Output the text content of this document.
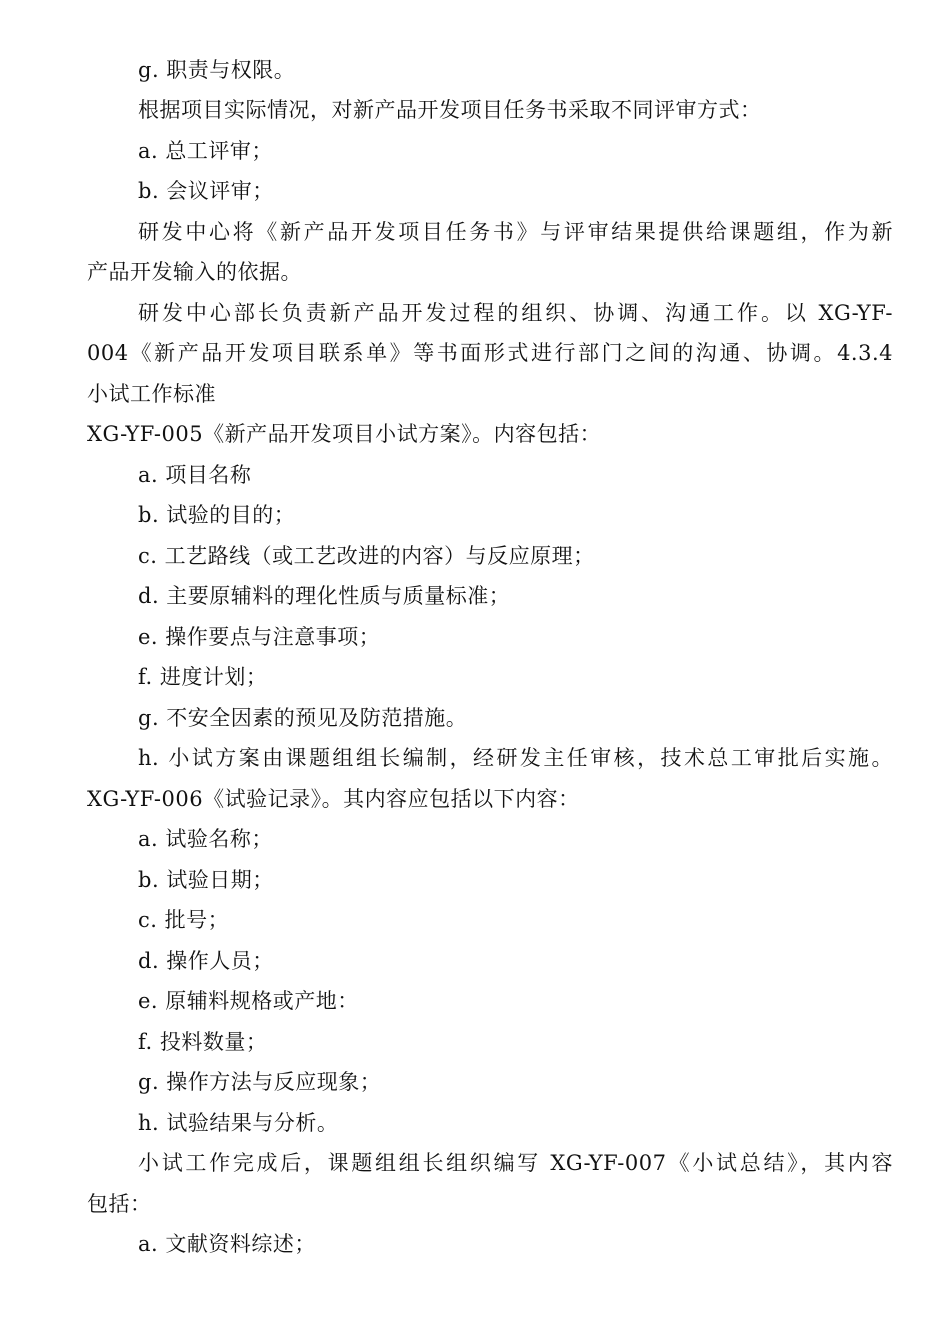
g. 职责与权限。
根据项目实际情况，对新产品开发项目任务书采取不同评审方式：
a. 总工评审；
b. 会议评审；
研发中心将《新产品开发项目任务书》与评审结果提供给课题组，作为新
产品开发输入的依据。
研发中心部长负责新产品开发过程的组织、协调、沟通工作。以 XG-YF-
004《新产品开发项目联系单》等书面形式进行部门之间的沟通、协调。4.3.4
小试工作标准
XG-YF-005《新产品开发项目小试方案》。内容包括：
a. 项目名称
b. 试验的目的；
c. 工艺路线（或工艺改进的内容）与反应原理；
d. 主要原辅料的理化性质与质量标准；
e. 操作要点与注意事项；
f. 进度计划；
g. 不安全因素的预见及防范措施。
h. 小试方案由课题组组长编制，经研发主任审核，技术总工审批后实施。
XG-YF-006《试验记录》。其内容应包括以下内容：
a. 试验名称；
b. 试验日期；
c. 批号；
d. 操作人员；
e. 原辅料规格或产地：
f. 投料数量；
g. 操作方法与反应现象；
h. 试验结果与分析。
小试工作完成后，课题组组长组织编写 XG-YF-007《小试总结》，其内容
包括：
a. 文献资料综述；
